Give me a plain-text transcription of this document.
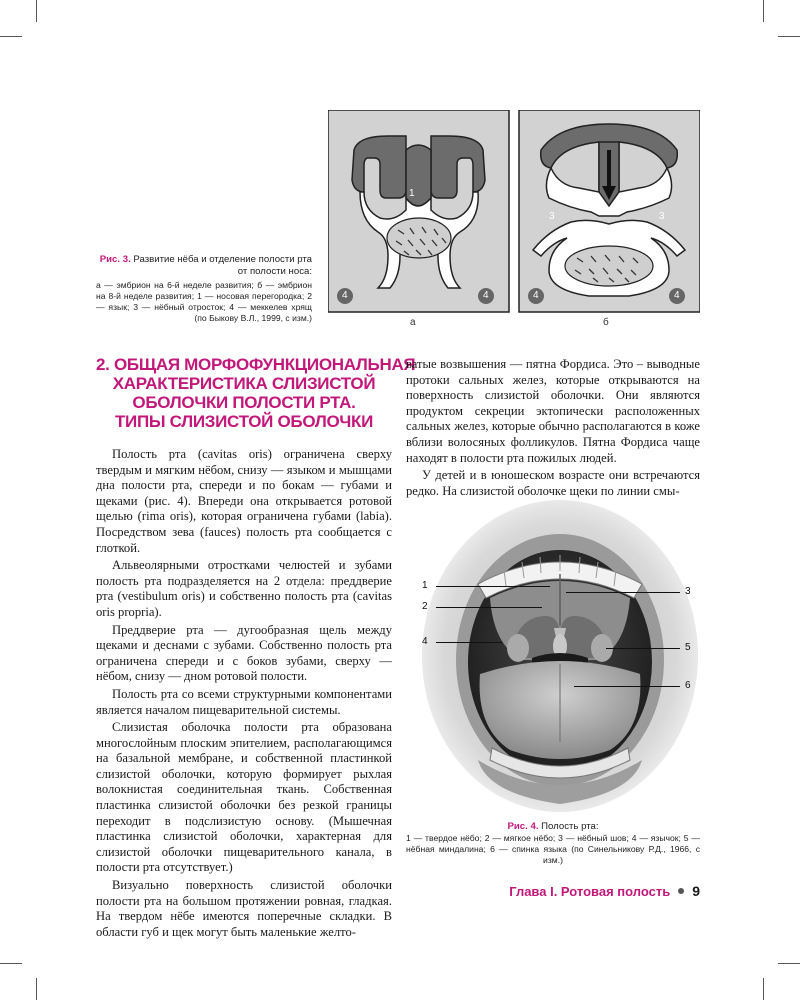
1
3	3
4	4	4	4
а	б
Рис. 3. Развитие нёба и отделение полости рта от полости носа:
а — эмбрион на 6-й неделе развития; б — эмбрион на 8-й неделе развития; 1 — носовая перегородка; 2 — язык; 3 — нёбный отросток; 4 — меккелев хрящ (по Быкову В.Л., 1999, с изм.)
2. ОБЩАЯ МОРФОФУНКЦИОНАЛЬНАЯ
ХАРАКТЕРИСТИКА СЛИЗИСТОЙ
ОБОЛОЧКИ ПОЛОСТИ РТА.
ТИПЫ СЛИЗИСТОЙ ОБОЛОЧКИ

Полость рта (cavitas oris) ограничена сверху твердым и мягким нёбом, снизу — языком и мышцами дна полости рта, спереди и по бокам — губами и щеками (рис. 4). Впереди она открывается ротовой щелью (rima oris), которая ограничена губами (labia). Посредством зева (fauces) полость рта сообщается с глоткой.

Альвеолярными отростками челюстей и зубами полость рта подразделяется на 2 отдела: преддверие рта (vestibulum oris) и собственно полость рта (cavitas oris propria).

Преддверие рта — дугообразная щель между щеками и деснами с зубами. Собственно полость рта ограничена спереди и с боков зубами, сверху — нёбом, снизу — дном ротовой полости.

Полость рта со всеми структурными компонентами является началом пищеварительной системы.

Слизистая оболочка полости рта образована многослойным плоским эпителием, располагающимся на базальной мембране, и собственной пластинкой слизистой оболочки, которую формирует рыхлая волокнистая соединительная ткань. Собственная пластинка слизистой оболочки без резкой границы переходит в подслизистую основу. (Мышечная пластинка слизистой оболочки, характерная для слизистой оболочки пищеварительного канала, в полости рта отсутствует.)

Визуально поверхность слизистой оболочки полости рта на большом протяжении ровная, гладкая. На твердом нёбе имеются поперечные складки. В области губ и щек могут быть маленькие желто-

ватые возвышения — пятна Фордиса. Это – выводные протоки сальных желез, которые открываются на поверхность слизистой оболочки. Они являются продуктом секреции эктопически расположенных сальных желез, которые обычно располагаются в коже вблизи волосяных фолликулов. Пятна Фордиса чаще находят в полости рта пожилых людей.

У детей и в юношеском возрасте они встречаются редко. На слизистой оболочке щеки по линии смы-

1
2
3
4
5
6
Рис. 4. Полость рта:
1 — твердое нёбо; 2 — мягкое нёбо; 3 — нёбный шов; 4 — язычок; 5 — нёбная миндалина; 6 — спинка языка (по Синельникову Р.Д., 1966, с изм.)
Глава I. Ротовая полость 9
